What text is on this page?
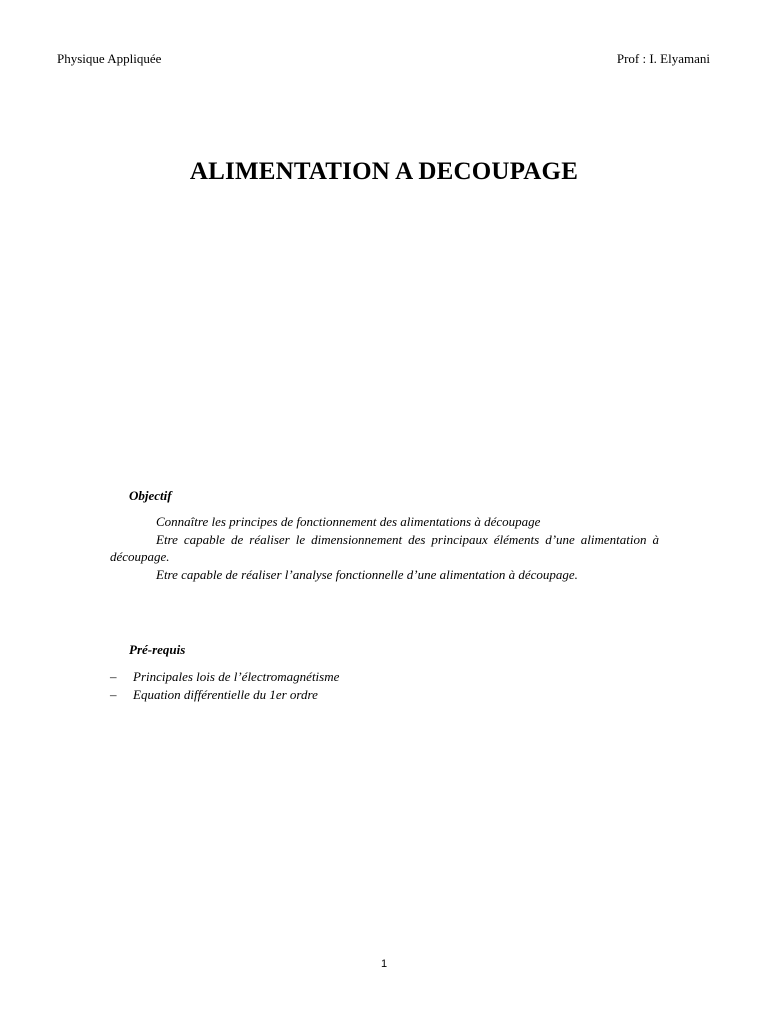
Physique Appliquée	Prof : I. Elyamani
ALIMENTATION A DECOUPAGE
Objectif

Connaître les principes de fonctionnement des alimentations à découpage

Etre capable de réaliser le dimensionnement des principaux éléments d’une alimentation à découpage.

Etre capable de réaliser l’analyse fonctionnelle d’une alimentation à découpage.

Pré-requis
– Principales lois de l’électromagnétisme
– Equation différentielle du 1er ordre
1
